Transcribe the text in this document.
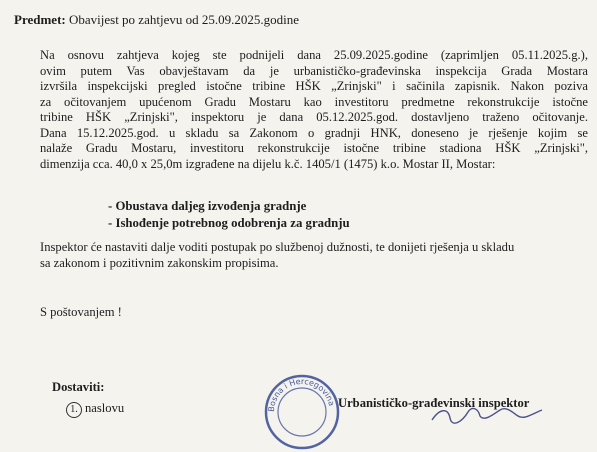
Predmet: Obavijest po zahtjevu od 25.09.2025.godine

Na osnovu zahtjeva kojeg ste podnijeli dana 25.09.2025.godine (zaprimljen 05.11.2025.g.),
ovim putem Vas obavještavam da je urbanističko-građevinska inspekcija Grada Mostara
izvršila inspekcijski pregled istočne tribine HŠK „Zrinjski" i sačinila zapisnik. Nakon poziva
za očitovanjem upućenom Gradu Mostaru kao investitoru predmetne rekonstrukcije istočne
tribine HŠK „Zrinjski", inspektoru je dana 05.12.2025.god. dostavljeno traženo očitovanje.
Dana 15.12.2025.god. u skladu sa Zakonom o gradnji HNK, doneseno je rješenje kojim se
nalaže Gradu Mostaru, investitoru rekonstrukcije istočne tribine stadiona HŠK „Zrinjski",
dimenzija cca. 40,0 x 25,0m izgrađene na dijelu k.č. 1405/1 (1475) k.o. Mostar II, Mostar:

- Obustava daljeg izvođenja gradnje
- Ishođenje potrebnog odobrenja za gradnju

Inspektor će nastaviti dalje voditi postupak po službenoj dužnosti, te donijeti rješenja u skladu
sa zakonom i pozitivnim zakonskim propisima.

S poštovanjem !
Dostaviti:
1. naslovu	Bosna i Hercegovina Urbanističko-građevinski inspektor
